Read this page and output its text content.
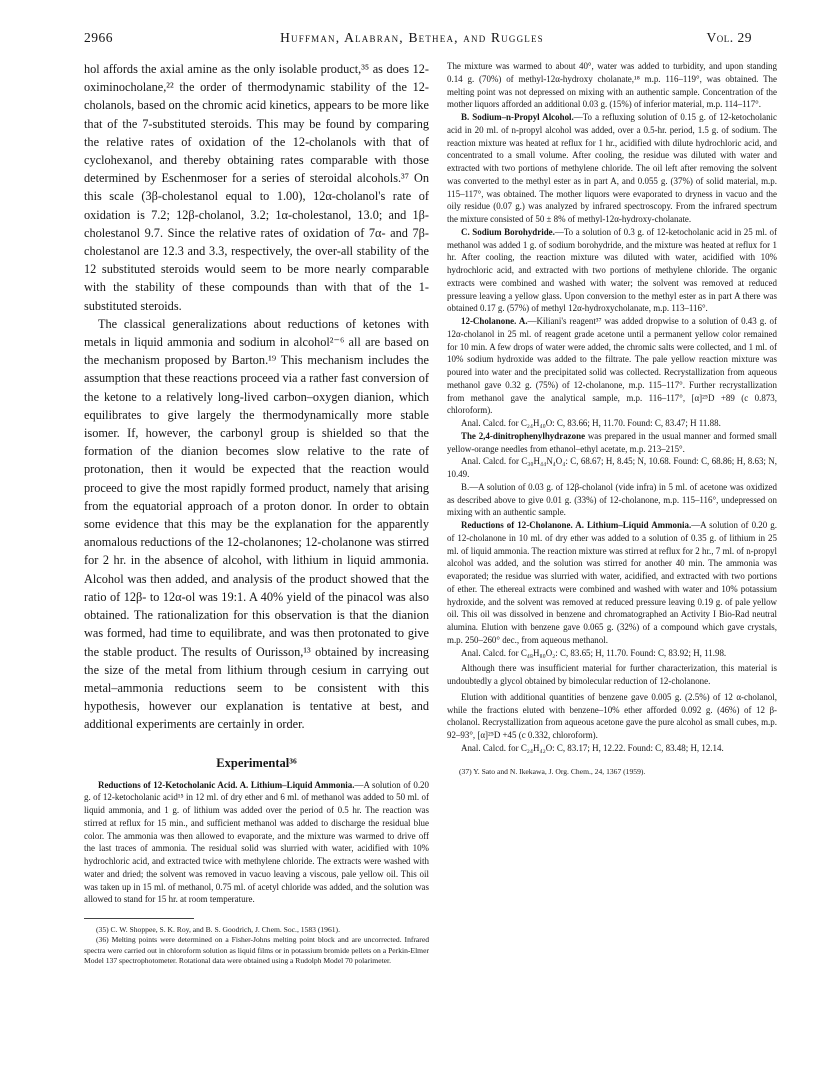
2966	Huffman, Alabran, Bethea, and Ruggles	Vol. 29

hol affords the axial amine as the only isolable product,³⁵ as does 12-oximinocholane,²² the order of thermodynamic stability of the 12-cholanols, based on the chromic acid kinetics, appears to be more like that of the 7-substituted steroids. This may be found by comparing the relative rates of oxidation of the 12-cholanols with that of cyclohexanol, and thereby obtaining rates comparable with those determined by Eschenmoser for a series of steroidal alcohols.³⁷ On this scale (3β-cholestanol equal to 1.00), 12α-cholanol's rate of oxidation is 7.2; 12β-cholanol, 3.2; 1α-cholestanol, 13.0; and 1β-cholestanol 9.7. Since the relative rates of oxidation of 7α- and 7β-cholestanol are 12.3 and 3.3, respectively, the over-all stability of the 12 substituted steroids would seem to be more nearly comparable with the stability of these compounds than with that of the 1-substituted steroids.

The classical generalizations about reductions of ketones with metals in liquid ammonia and sodium in alcohol²⁻⁶ all are based on the mechanism proposed by Barton.¹⁹ This mechanism includes the assumption that these reactions proceed via a rather fast conversion of the ketone to a relatively long-lived carbon–oxygen dianion, which equilibrates to give largely the thermodynamically more stable isomer. If, however, the carbonyl group is shielded so that the formation of the dianion becomes slow relative to the rate of protonation, then it would be expected that the reaction would proceed to give the most rapidly formed product, namely that arising from the equatorial approach of a proton donor. In order to obtain some evidence that this may be the explanation for the apparently anomalous reductions of the 12-cholanones; 12-cholanone was stirred for 2 hr. in the absence of alcohol, with lithium in liquid ammonia. Alcohol was then added, and analysis of the product showed that the ratio of 12β- to 12α-ol was 19:1. A 40% yield of the pinacol was also obtained. The rationalization for this observation is that the dianion was formed, had time to equilibrate, and was then protonated to give the stable product. The results of Ourisson,¹³ obtained by increasing the size of the metal from lithium through cesium in carrying out metal–ammonia reductions seem to be consistent with this hypothesis, however our explanation is tentative at best, and additional experiments are certainly in order.

Experimental³⁶

Reductions of 12-Ketocholanic Acid. A. Lithium–Liquid Ammonia.—A solution of 0.20 g. of 12-ketocholanic acid¹⁵ in 12 ml. of dry ether and 6 ml. of methanol was added to 50 ml. of liquid ammonia, and 1 g. of lithium was added over the period of 0.5 hr. The reaction was stirred at reflux for 15 min., and sufficient methanol was added to discharge the residual blue color. The ammonia was then allowed to evaporate, and the mixture was warmed to drive off the last traces of ammonia. The residual solid was slurried with water, acidified with 10% hydrochloric acid, and extracted twice with methylene chloride. The extracts were washed with water and dried; the solvent was removed in vacuo leaving a viscous, pale yellow oil. This oil was taken up in 15 ml. of methanol, 0.75 ml. of acetyl chloride was added, and the solution was allowed to stand for 15 hr. at room temperature.

(35) C. W. Shoppee, S. K. Roy, and B. S. Goodrich, J. Chem. Soc., 1583 (1961).

(36) Melting points were determined on a Fisher-Johns melting point block and are uncorrected. Infrared spectra were carried out in chloroform solution as liquid films or in potassium bromide pellets on a Perkin-Elmer Model 137 spectrophotometer. Rotational data were obtained using a Rudolph Model 70 polarimeter.

The mixture was warmed to about 40°, water was added to turbidity, and upon standing 0.14 g. (70%) of methyl-12α-hydroxy cholanate,¹⁸ m.p. 116–119°, was obtained. The melting point was not depressed on mixing with an authentic sample. Concentration of the mother liquors afforded an additional 0.03 g. (15%) of inferior material, m.p. 114–117°.

B. Sodium–n-Propyl Alcohol.—To a refluxing solution of 0.15 g. of 12-ketocholanic acid in 20 ml. of n-propyl alcohol was added, over a 0.5-hr. period, 1.5 g. of sodium. The reaction mixture was heated at reflux for 1 hr., acidified with dilute hydrochloric acid, and concentrated to a small volume. After cooling, the residue was diluted with water and extracted with two portions of methylene chloride. The oil left after removing the solvent was converted to the methyl ester as in part A, and 0.055 g. (37%) of solid material, m.p. 115–117°, was obtained. The mother liquors were evaporated to dryness in vacuo and the oily residue (0.07 g.) was analyzed by infrared spectroscopy. From the infrared spectrum the mixture consisted of 50 ± 8% of methyl-12α-hydroxy-cholanate.

C. Sodium Borohydride.—To a solution of 0.3 g. of 12-ketocholanic acid in 25 ml. of methanol was added 1 g. of sodium borohydride, and the mixture was heated at reflux for 1 hr. After cooling, the reaction mixture was diluted with water, acidified with 10% hydrochloric acid, and extracted with two portions of methylene chloride. The organic extracts were combined and washed with water; the solvent was removed at reduced pressure leaving a yellow glass. Upon conversion to the methyl ester as in part A there was obtained 0.17 g. (57%) of methyl 12α-hydroxycholanate, m.p. 113–116°.

12-Cholanone. A.—Kiliani's reagent³⁷ was added dropwise to a solution of 0.43 g. of 12α-cholanol in 25 ml. of reagent grade acetone until a permanent yellow color remained for 10 min. A few drops of water were added, the chromic salts were collected, and 1 ml. of 10% sodium hydroxide was added to the filtrate. The pale yellow reaction mixture was poured into water and the precipitated solid was collected. Recrystallization from aqueous methanol gave 0.32 g. (75%) of 12-cholanone, m.p. 115–117°. Further recrystallization from methanol gave the analytical sample, m.p. 116–117°, [α]²⁵D +89 (c 0.873, chloroform).

Anal. Calcd. for C₂₄H₄₀O: C, 83.66; H, 11.70. Found: C, 83.47; H 11.88.

The 2,4-dinitrophenylhydrazone was prepared in the usual manner and formed small yellow-orange needles from ethanol–ethyl acetate, m.p. 213–215°.

Anal. Calcd. for C₃₀H₄₄N₄O₄: C, 68.67; H, 8.45; N, 10.68. Found: C, 68.86; H, 8.63; N, 10.49.

B.—A solution of 0.03 g. of 12β-cholanol (vide infra) in 5 ml. of acetone was oxidized as described above to give 0.01 g. (33%) of 12-cholanone, m.p. 115–116°, undepressed on mixing with an authentic sample.

Reductions of 12-Cholanone. A. Lithium–Liquid Ammonia.—A solution of 0.20 g. of 12-cholanone in 10 ml. of dry ether was added to a solution of 0.35 g. of lithium in 25 ml. of liquid ammonia. The reaction mixture was stirred at reflux for 2 hr., 7 ml. of n-propyl alcohol was added, and the solution was stirred for another 40 min. The ammonia was evaporated; the residue was slurried with water, acidified, and extracted with two portions of ether. The ethereal extracts were combined and washed with water and 10% potassium hydroxide, and the solvent was removed at reduced pressure leaving 0.19 g. of pale yellow oil. This oil was dissolved in benzene and chromatographed an Activity I Bio-Rad neutral alumina. Elution with benzene gave 0.065 g. (32%) of a compound which gave crystals, m.p. 250–260° dec., from aqueous methanol.

Anal. Calcd. for C₄₈H₈₀O₂: C, 83.65; H, 11.70. Found: C, 83.92; H, 11.98.

Although there was insufficient material for further characterization, this material is undoubtedly a glycol obtained by bimolecular reduction of 12-cholanone.

Elution with additional quantities of benzene gave 0.005 g. (2.5%) of 12 α-cholanol, while the fractions eluted with benzene–10% ether afforded 0.092 g. (46%) of 12 β-cholanol. Recrystallization from aqueous acetone gave the pure alcohol as small cubes, m.p. 92–93°, [α]²⁵D +45 (c 0.332, chloroform).

Anal. Calcd. for C₂₄H₄₂O: C, 83.17; H, 12.22. Found: C, 83.48; H, 12.14.

(37) Y. Sato and N. Ikekawa, J. Org. Chem., 24, 1367 (1959).
